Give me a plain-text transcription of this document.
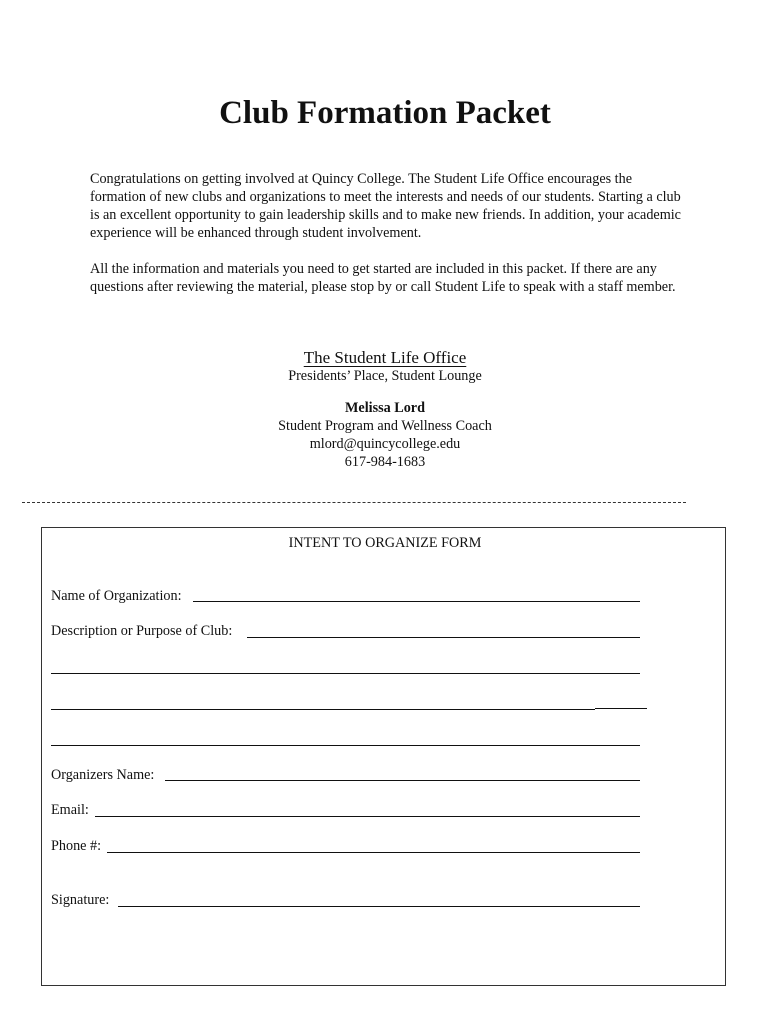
Club Formation Packet
Congratulations on getting involved at Quincy College. The Student Life Office encourages the formation of new clubs and organizations to meet the interests and needs of our students. Starting a club is an excellent opportunity to gain leadership skills and to make new friends. In addition, your academic experience will be enhanced through student involvement.
All the information and materials you need to get started are included in this packet. If there are any questions after reviewing the material, please stop by or call Student Life to speak with a staff member.
The Student Life Office
Presidents’ Place, Student Lounge
Melissa Lord
Student Program and Wellness Coach
mlord@quincycollege.edu
617-984-1683
INTENT TO ORGANIZE FORM
Name of Organization:
Description or Purpose of Club:
Organizers Name:
Email:
Phone #:
Signature:
